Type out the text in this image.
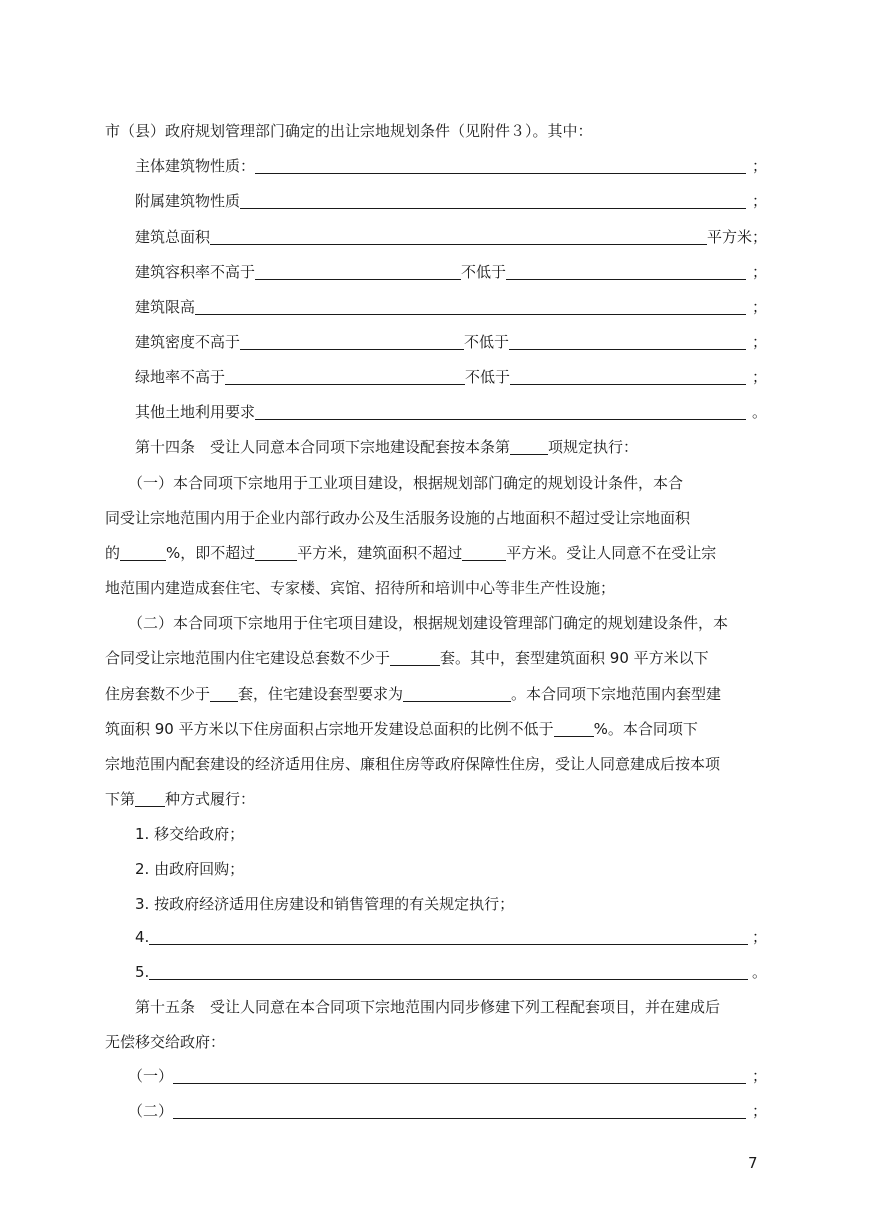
市（县）政府规划管理部门确定的出让宗地规划条件（见附件３）。其中：
主体建筑物性质：	；
附属建筑物性质	；
建筑总面积	平方米；
建筑容积率不高于	不低于	；
建筑限高	；
建筑密度不高于	不低于	；
绿地率不高于	不低于	；
其他土地利用要求	。
第十四条　受让人同意本合同项下宗地建设配套按本条第	项规定执行：
（一）本合同项下宗地用于工业项目建设，根据规划部门确定的规划设计条件，本合
同受让宗地范围内用于企业内部行政办公及生活服务设施的占地面积不超过受让宗地面积
的	%，即不超过	平方米，建筑面积不超过	平方米。受让人同意不在受让宗
地范围内建造成套住宅、专家楼、宾馆、招待所和培训中心等非生产性设施；
（二）本合同项下宗地用于住宅项目建设，根据规划建设管理部门确定的规划建设条件，本
合同受让宗地范围内住宅建设总套数不少于	套。其中，套型建筑面积 90 平方米以下
住房套数不少于 套，住宅建设套型要求为	。本合同项下宗地范围内套型建
筑面积 90 平方米以下住房面积占宗地开发建设总面积的比例不低于	%。本合同项下
宗地范围内配套建设的经济适用住房、廉租住房等政府保障性住房，受让人同意建成后按本项
下第 种方式履行：
1. 移交给政府；
2. 由政府回购；
3. 按政府经济适用住房建设和销售管理的有关规定执行；
4.	；
5.	。
第十五条　受让人同意在本合同项下宗地范围内同步修建下列工程配套项目，并在建成后
无偿移交给政府：
（一）	；
（二）	；
7
